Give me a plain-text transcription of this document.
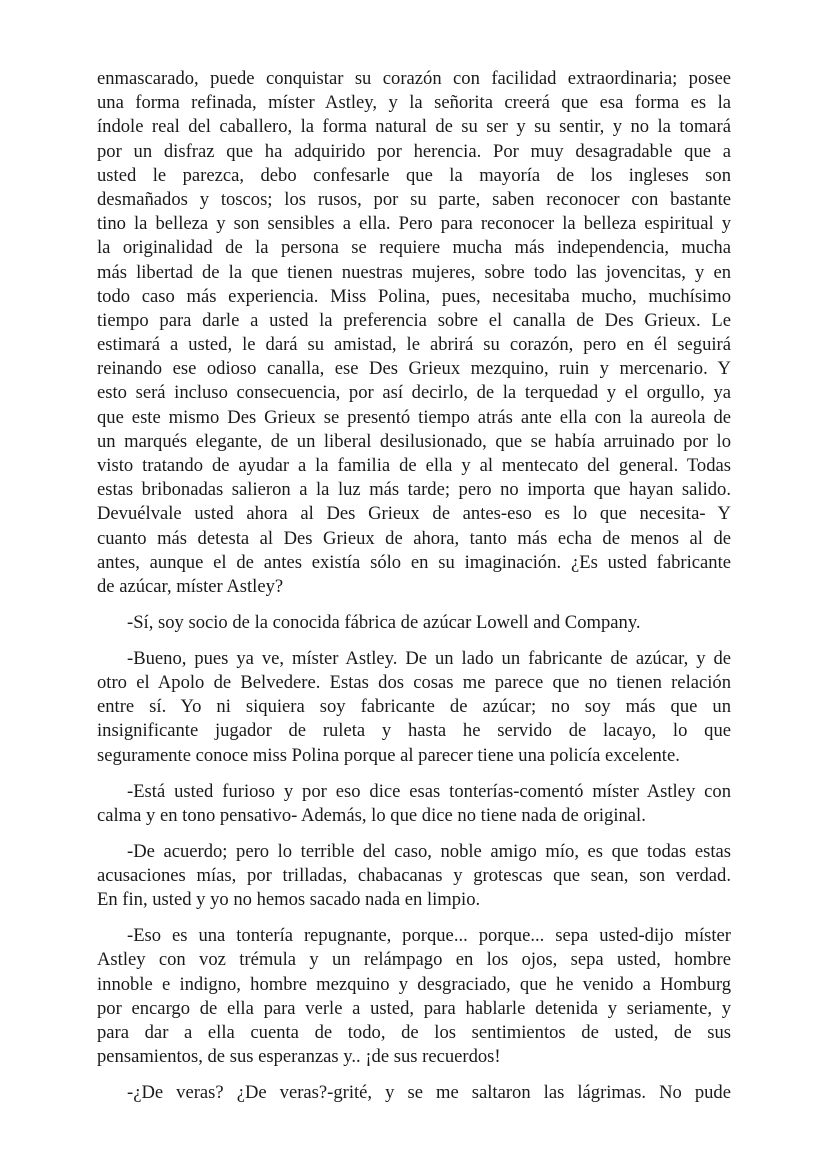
enmascarado, puede conquistar su corazón con facilidad extraordinaria; posee
una forma refinada, míster Astley, y la señorita creerá que esa forma es la
índole real del caballero, la forma natural de su ser y su sentir, y no la tomará
por un disfraz que ha adquirido por herencia. Por muy desagradable que a
usted le parezca, debo confesarle que la mayoría de los ingleses son
desmañados y toscos; los rusos, por su parte, saben reconocer con bastante
tino la belleza y son sensibles a ella. Pero para reconocer la belleza espiritual y
la originalidad de la persona se requiere mucha más independencia, mucha
más libertad de la que tienen nuestras mujeres, sobre todo las jovencitas, y en
todo caso más experiencia. Miss Polina, pues, necesitaba mucho, muchísimo
tiempo para darle a usted la preferencia sobre el canalla de Des Grieux. Le
estimará a usted, le dará su amistad, le abrirá su corazón, pero en él seguirá
reinando ese odioso canalla, ese Des Grieux mezquino, ruin y mercenario. Y
esto será incluso consecuencia, por así decirlo, de la terquedad y el orgullo, ya
que este mismo Des Grieux se presentó tiempo atrás ante ella con la aureola de
un marqués elegante, de un liberal desilusionado, que se había arruinado por lo
visto tratando de ayudar a la familia de ella y al mentecato del general. Todas
estas bribonadas salieron a la luz más tarde; pero no importa que hayan salido.
Devuélvale usted ahora al Des Grieux de antes-eso es lo que necesita- Y
cuanto más detesta al Des Grieux de ahora, tanto más echa de menos al de
antes, aunque el de antes existía sólo en su imaginación. ¿Es usted fabricante
de azúcar, míster Astley?
-Sí, soy socio de la conocida fábrica de azúcar Lowell and Company.
-Bueno, pues ya ve, míster Astley. De un lado un fabricante de azúcar, y de
otro el Apolo de Belvedere. Estas dos cosas me parece que no tienen relación
entre sí. Yo ni siquiera soy fabricante de azúcar; no soy más que un
insignificante jugador de ruleta y hasta he servido de lacayo, lo que
seguramente conoce miss Polina porque al parecer tiene una policía excelente.
-Está usted furioso y por eso dice esas tonterías-comentó míster Astley con
calma y en tono pensativo- Además, lo que dice no tiene nada de original.
-De acuerdo; pero lo terrible del caso, noble amigo mío, es que todas estas
acusaciones mías, por trilladas, chabacanas y grotescas que sean, son verdad.
En fin, usted y yo no hemos sacado nada en limpio.
-Eso es una tontería repugnante, porque... porque... sepa usted-dijo míster
Astley con voz trémula y un relámpago en los ojos, sepa usted, hombre
innoble e indigno, hombre mezquino y desgraciado, que he venido a Homburg
por encargo de ella para verle a usted, para hablarle detenida y seriamente, y
para dar a ella cuenta de todo, de los sentimientos de usted, de sus
pensamientos, de sus esperanzas y.. ¡de sus recuerdos!
-¿De veras? ¿De veras?-grité, y se me saltaron las lágrimas. No pude
